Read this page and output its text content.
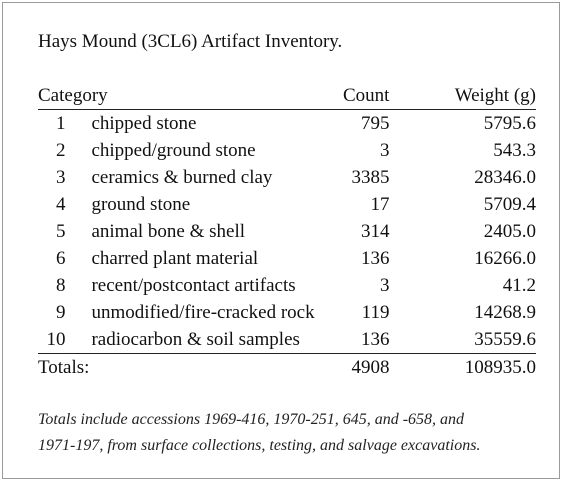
Hays Mound (3CL6) Artifact Inventory.
Category		Count	Weight (g)
1	chipped stone	795	5795.6
2	chipped/ground stone	3	543.3
3	ceramics & burned clay	3385	28346.0
4	ground stone	17	5709.4
5	animal bone & shell	314	2405.0
6	charred plant material	136	16266.0
8	recent/postcontact artifacts	3	41.2
9	unmodified/fire-cracked rock	119	14268.9
10	radiocarbon & soil samples	136	35559.6
Totals:		4908	108935.0
Totals include accessions 1969-416, 1970-251, 645, and -658, and
1971-197, from surface collections, testing, and salvage excavations.
